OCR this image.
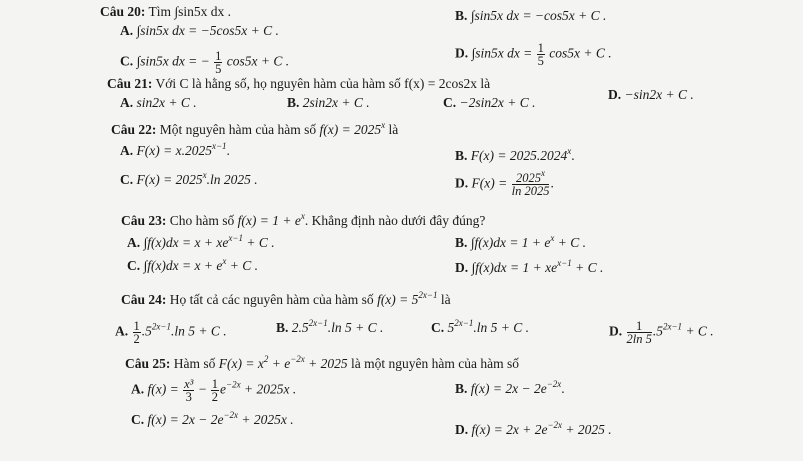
Câu 20: Tìm ∫sin5x dx .
A. ∫sin5x dx = −5cos5x + C .
B. ∫sin5x dx = −cos5x + C .
C. ∫sin5x dx = − $\frac{1}{5} \cos 5x + C$ .
D. ∫sin5x dx = $\frac{1}{5} \cos 5x + C$ .
Câu 21: Với C là hằng số, họ nguyên hàm của hàm số f(x) = 2cos2x là
A. sin2x + C .	B. 2sin2x + C .	C. −2sin2x + C .
D. −sin2x + C .
Câu 22: Một nguyên hàm của hàm số $f(x) = 2025^x$ là
A. $F(x) = x.2025^{x-1}$.	B. $F(x) = 2025.2024^x$.
C. $F(x) = 2025^x.\ln$ 2025 .	D. $F(x) = \frac{2025^x}{\ln 2025}$ .
Câu 23: Cho hàm số $f(x) = 1 + e^x$. Khẳng định nào dưới đây đúng?
A. $\int f(x)dx = x + xe^{x-1} + C$ .	B. $\int f(x)dx = 1 + e^x + C$ .
C. $\int f(x)dx = x + e^x + C$ .	D. $\int f(x)dx = 1 + xe^{x-1} + C$ .
Câu 24: Họ tất cả các nguyên hàm của hàm số $f(x) = 5^{2x-1}$ là
A. $\frac{1}{2} .5^{2x-1}.\ln$ 5 + C .	B. $2.5^{2x-1}.\ln$ 5 + C .	C. $5^{2x-1}.\ln$ 5 + C .	D. $\frac{1}{2\ln 5} .5^{2x-1} + C$ .
Câu 25: Hàm số $F(x) = x^2 + e^{-2x} + 2025$ là một nguyên hàm của hàm số
A. $f(x) = \frac{\text{x³}}{3} - \frac{1}{2} e^{-2x} + 2025x$ .	B. $f(x) = 2x - 2e^{-2x}$.
C. $f(x) = 2x - 2e^{-2x} + 2025x$ .
D. $f(x) = 2x + 2e^{-2x} + 2025$ .
